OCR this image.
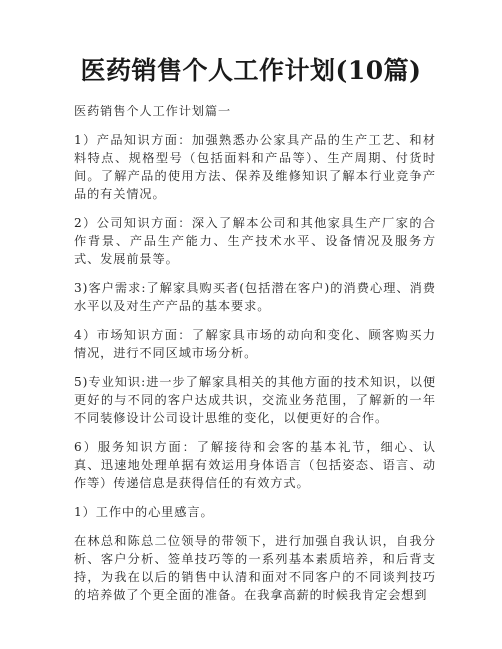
医药销售个人工作计划(10篇)

医药销售个人工作计划篇一

1）产品知识方面：加强熟悉办公家具产品的生产工艺、和材料特点、规格型号（包括面料和产品等）、生产周期、付货时间。了解产品的使用方法、保养及维修知识了解本行业竞争产品的有关情况。

2）公司知识方面：深入了解本公司和其他家具生产厂家的合作背景、产品生产能力、生产技术水平、设备情况及服务方式、发展前景等。

3)客户需求:了解家具购买者(包括潜在客户)的消费心理、消费水平以及对生产产品的基本要求。

4）市场知识方面：了解家具市场的动向和变化、顾客购买力情况，进行不同区域市场分析。

5)专业知识:进一步了解家具相关的其他方面的技术知识，以便更好的与不同的客户达成共识，交流业务范围，了解新的一年不同装修设计公司设计思维的变化，以便更好的合作。

6）服务知识方面：了解接待和会客的基本礼节，细心、认真、迅速地处理单据有效运用身体语言（包括姿态、语言、动作等）传递信息是获得信任的有效方式。

1）工作中的心里感言。

在林总和陈总二位领导的带领下，进行加强自我认识，自我分析、客户分析、签单技巧等的一系列基本素质培养，和后背支持，为我在以后的销售中认清和面对不同客户的不同谈判技巧的培养做了个更全面的准备。在我拿高薪的时候我肯定会想到
